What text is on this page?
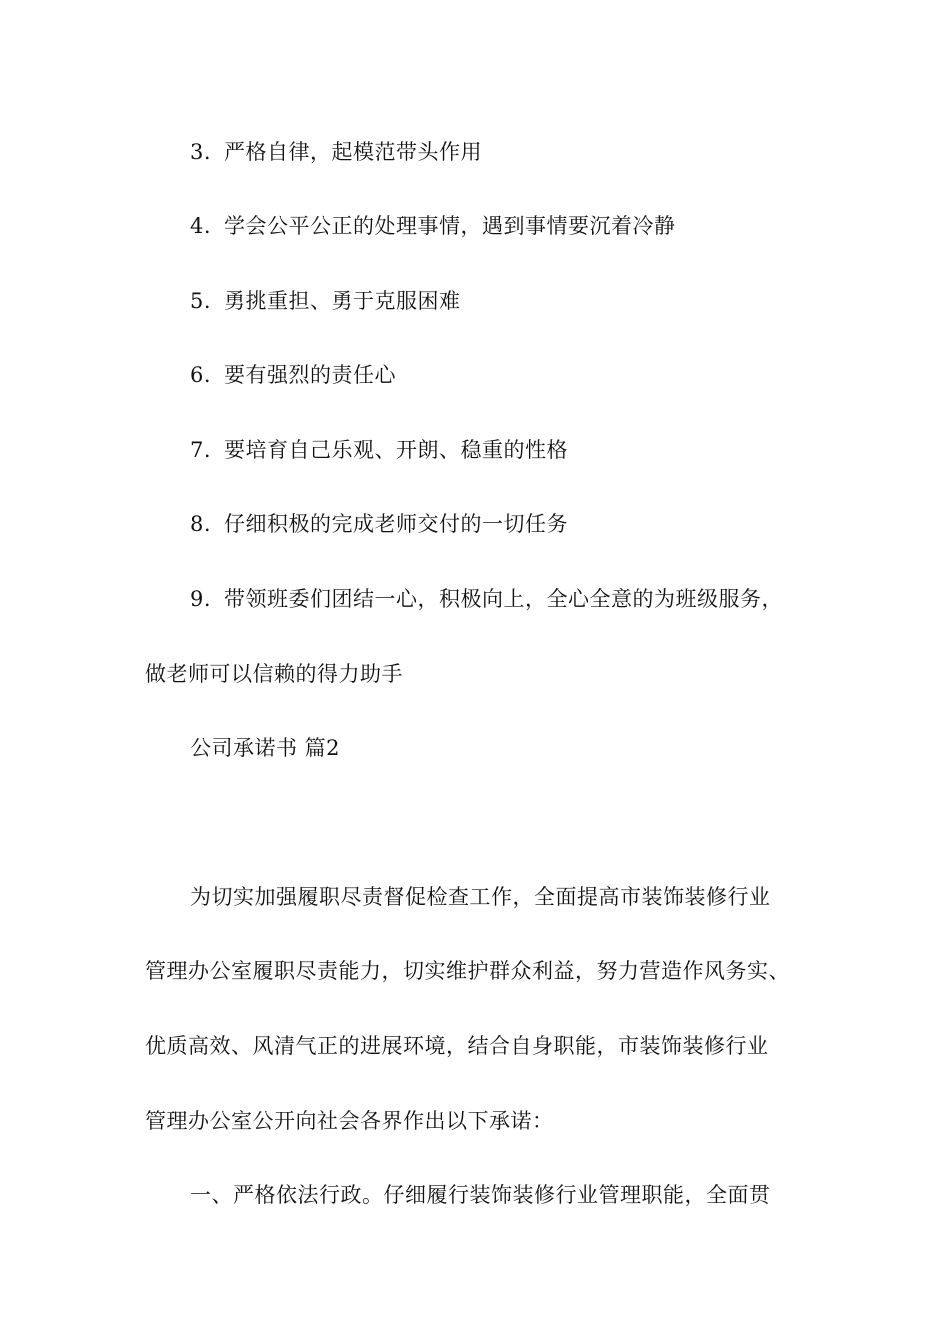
3. 严格自律，起模范带头作用
4. 学会公平公正的处理事情，遇到事情要沉着冷静
5. 勇挑重担、勇于克服困难
6. 要有强烈的责任心
7. 要培育自己乐观、开朗、稳重的性格
8. 仔细积极的完成老师交付的一切任务
9. 带领班委们团结一心，积极向上，全心全意的为班级服务，
做老师可以信赖的得力助手
公司承诺书 篇2
为切实加强履职尽责督促检查工作，全面提高市装饰装修行业
管理办公室履职尽责能力，切实维护群众利益，努力营造作风务实、
优质高效、风清气正的进展环境，结合自身职能，市装饰装修行业
管理办公室公开向社会各界作出以下承诺：
一、严格依法行政。仔细履行装饰装修行业管理职能，全面贯
